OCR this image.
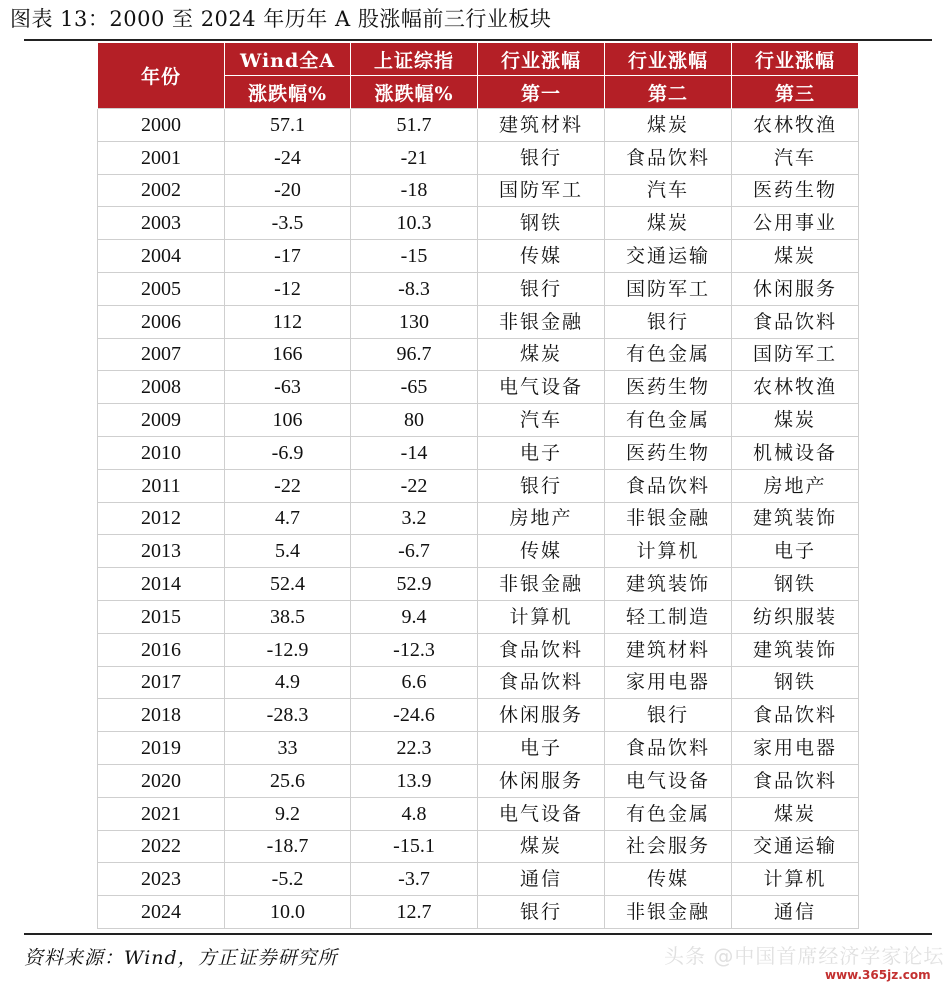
图表 13：2000 至 2024 年历年 A 股涨幅前三行业板块
年份	Wind全A	上证综指	行业涨幅	行业涨幅	行业涨幅
	涨跌幅%	涨跌幅%	第一	第二	第三
2000	57.1	51.7	建筑材料	煤炭	农林牧渔
2001	-24	-21	银行	食品饮料	汽车
2002	-20	-18	国防军工	汽车	医药生物
2003	-3.5	10.3	钢铁	煤炭	公用事业
2004	-17	-15	传媒	交通运输	煤炭
2005	-12	-8.3	银行	国防军工	休闲服务
2006	112	130	非银金融	银行	食品饮料
2007	166	96.7	煤炭	有色金属	国防军工
2008	-63	-65	电气设备	医药生物	农林牧渔
2009	106	80	汽车	有色金属	煤炭
2010	-6.9	-14	电子	医药生物	机械设备
2011	-22	-22	银行	食品饮料	房地产
2012	4.7	3.2	房地产	非银金融	建筑装饰
2013	5.4	-6.7	传媒	计算机	电子
2014	52.4	52.9	非银金融	建筑装饰	钢铁
2015	38.5	9.4	计算机	轻工制造	纺织服装
2016	-12.9	-12.3	食品饮料	建筑材料	建筑装饰
2017	4.9	6.6	食品饮料	家用电器	钢铁
2018	-28.3	-24.6	休闲服务	银行	食品饮料
2019	33	22.3	电子	食品饮料	家用电器
2020	25.6	13.9	休闲服务	电气设备	食品饮料
2021	9.2	4.8	电气设备	有色金属	煤炭
2022	-18.7	-15.1	煤炭	社会服务	交通运输
2023	-5.2	-3.7	通信	传媒	计算机
2024	10.0	12.7	银行	非银金融	通信
资料来源：Wind，方正证券研究所	头条 @中国首席经济学家论坛
www.365jz.com
